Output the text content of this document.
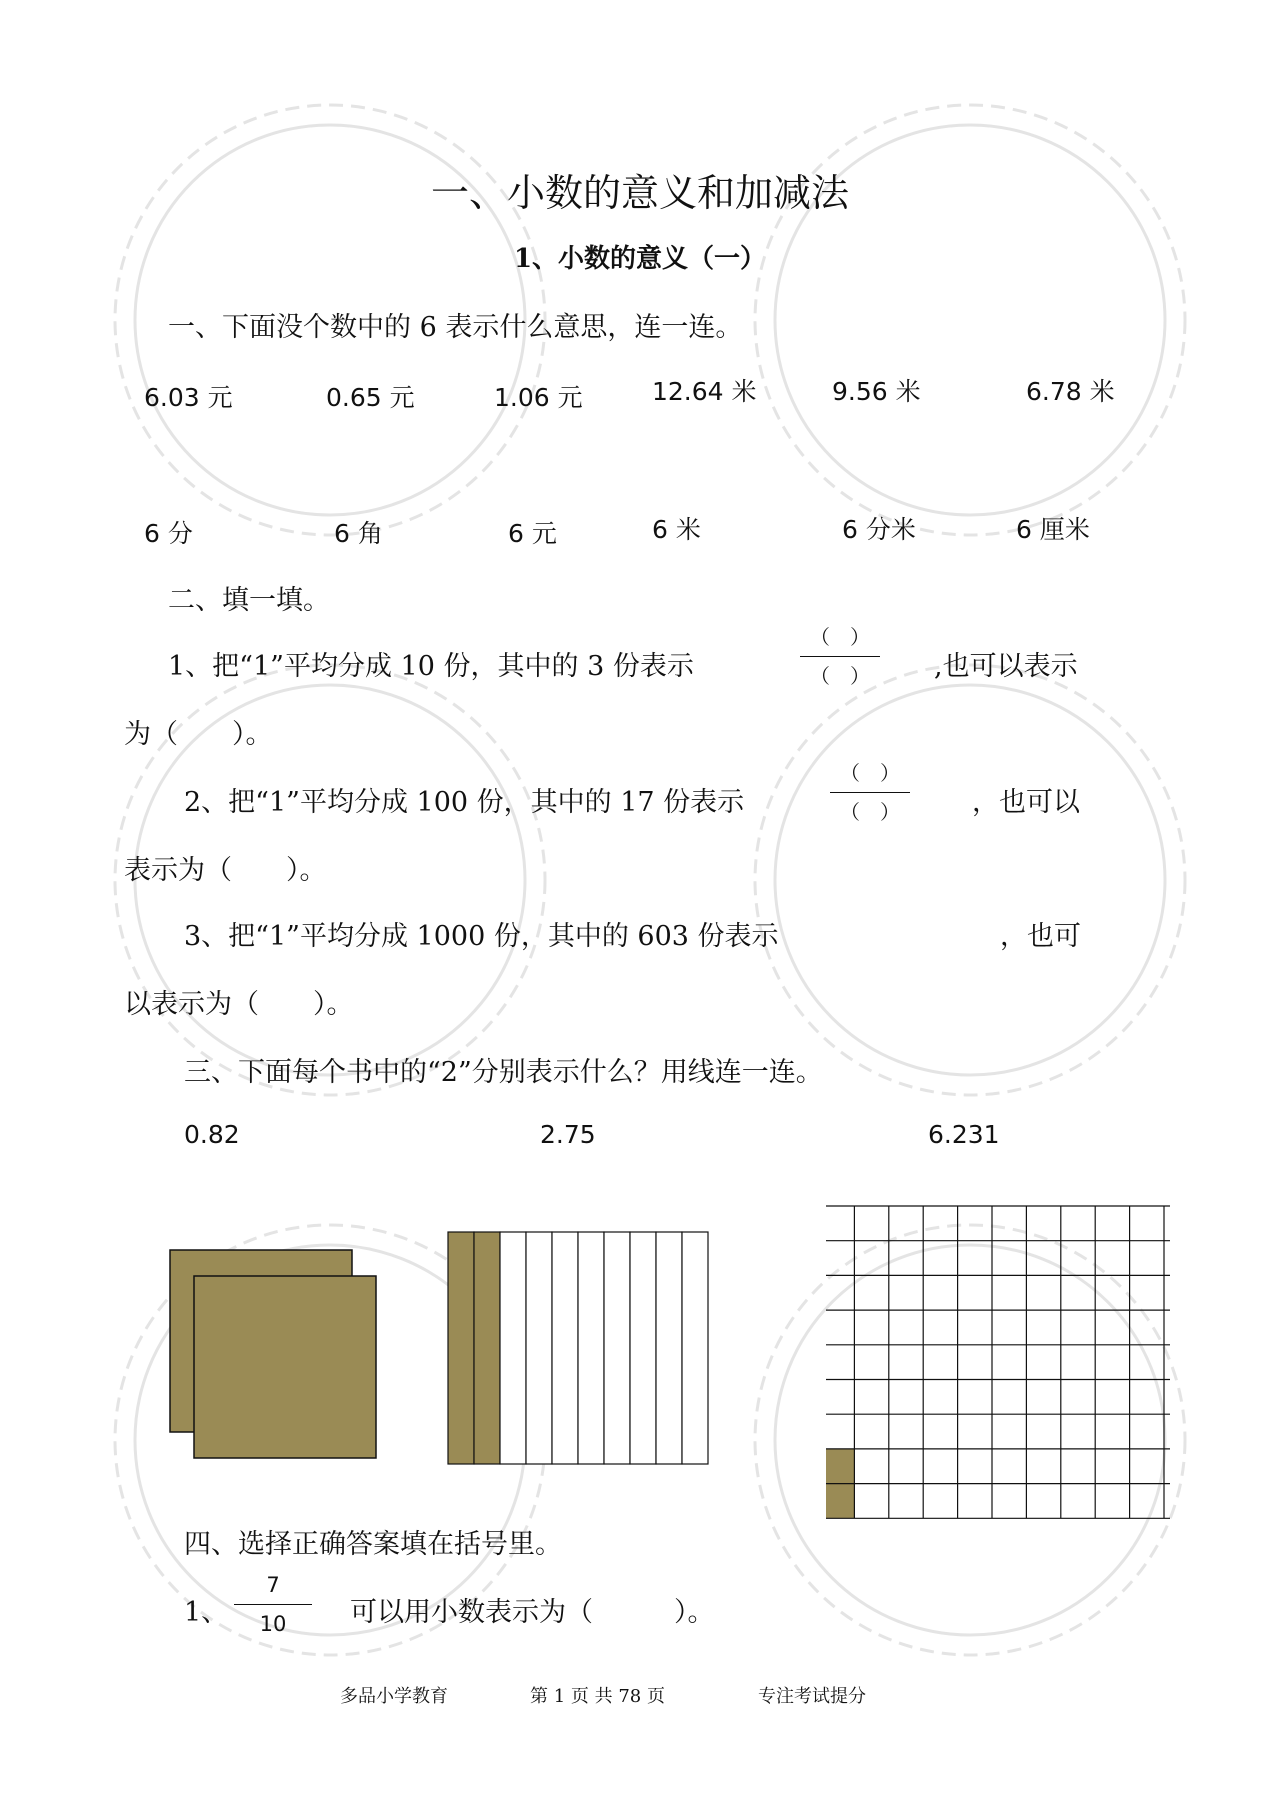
一、小数的意义和加减法
1、小数的意义（一）
一、下面没个数中的 6 表示什么意思，连一连。
6.03 元	0.65 元	1.06 元	12.64 米	9.56 米	6.78 米
6 分	6 角	6 元	6 米	6 分米	6 厘米
二、填一填。
1、把“1”平均分成 10 份，其中的 3 份表示
（　）
（　）	,也可以表示
为（　　）。
2、把“1”平均分成 100 份，其中的 17 份表示
（　）
（　）	，也可以
表示为（　　）。
3、把“1”平均分成 1000 份，其中的 603 份表示	，也可
以表示为（　　）。
三、下面每个书中的“2”分别表示什么？用线连一连。
0.82	2.75	6.231
四、选择正确答案填在括号里。
1、
7
10	可以用小数表示为（　　　）。
多品小学教育	第 1 页 共 78 页	专注考试提分
